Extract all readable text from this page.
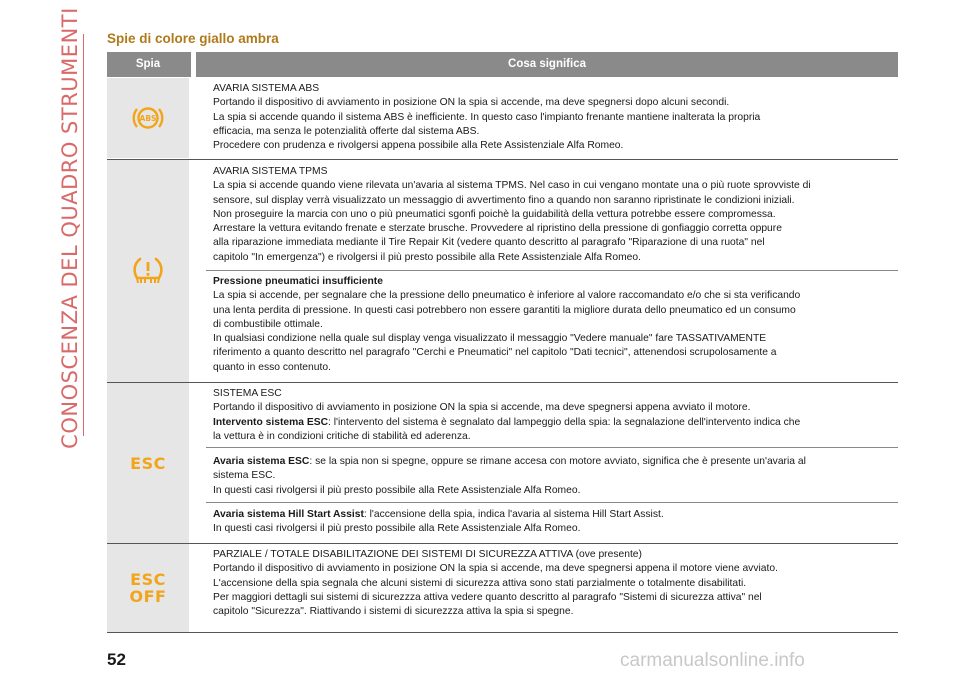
CONOSCENZA DEL QUADRO STRUMENTI Spie di colore giallo ambra
Spia	Cosa significa
ABS

AVARIA SISTEMA ABS

Portando il dispositivo di avviamento in posizione ON la spia si accende, ma deve spegnersi dopo alcuni secondi.

La spia si accende quando il sistema ABS è inefficiente. In questo caso l'impianto frenante mantiene inalterata la propria

efficacia, ma senza le potenzialità offerte dal sistema ABS.

Procedere con prudenza e rivolgersi appena possibile alla Rete Assistenziale Alfa Romeo.

AVARIA SISTEMA TPMS

La spia si accende quando viene rilevata un'avaria al sistema TPMS. Nel caso in cui vengano montate una o più ruote sprovviste di

sensore, sul display verrà visualizzato un messaggio di avvertimento fino a quando non saranno ripristinate le condizioni iniziali.

Non proseguire la marcia con uno o più pneumatici sgonfi poichè la guidabilità della vettura potrebbe essere compromessa.

Arrestare la vettura evitando frenate e sterzate brusche. Provvedere al ripristino della pressione di gonfiaggio corretta oppure

alla riparazione immediata mediante il Tire Repair Kit (vedere quanto descritto al paragrafo "Riparazione di una ruota" nel

capitolo "In emergenza") e rivolgersi il più presto possibile alla Rete Assistenziale Alfa Romeo.

Pressione pneumatici insufficiente

La spia si accende, per segnalare che la pressione dello pneumatico è inferiore al valore raccomandato e/o che si sta verificando

una lenta perdita di pressione. In questi casi potrebbero non essere garantiti la migliore durata dello pneumatico ed un consumo

di combustibile ottimale.

In qualsiasi condizione nella quale sul display venga visualizzato il messaggio "Vedere manuale" fare TASSATIVAMENTE

riferimento a quanto descritto nel paragrafo "Cerchi e Pneumatici" nel capitolo "Dati tecnici", attenendosi scrupolosamente a

quanto in esso contenuto.

ESC

SISTEMA ESC

Portando il dispositivo di avviamento in posizione ON la spia si accende, ma deve spegnersi appena avviato il motore.

Intervento sistema ESC: l'intervento del sistema è segnalato dal lampeggio della spia: la segnalazione dell'intervento indica che

la vettura è in condizioni critiche di stabilità ed aderenza.

Avaria sistema ESC: se la spia non si spegne, oppure se rimane accesa con motore avviato, significa che è presente un'avaria al

sistema ESC.

In questi casi rivolgersi il più presto possibile alla Rete Assistenziale Alfa Romeo.

Avaria sistema Hill Start Assist: l'accensione della spia, indica l'avaria al sistema Hill Start Assist.

In questi casi rivolgersi il più presto possibile alla Rete Assistenziale Alfa Romeo.

ESC
OFF

PARZIALE / TOTALE DISABILITAZIONE DEI SISTEMI DI SICUREZZA ATTIVA (ove presente)

Portando il dispositivo di avviamento in posizione ON la spia si accende, ma deve spegnersi appena il motore viene avviato.

L'accensione della spia segnala che alcuni sistemi di sicurezza attiva sono stati parzialmente o totalmente disabilitati.

Per maggiori dettagli sui sistemi di sicurezzza attiva vedere quanto descritto al paragrafo "Sistemi di sicurezza attiva" nel

capitolo "Sicurezza". Riattivando i sistemi di sicurezzza attiva la spia si spegne.

52	carmanualsonline.info
